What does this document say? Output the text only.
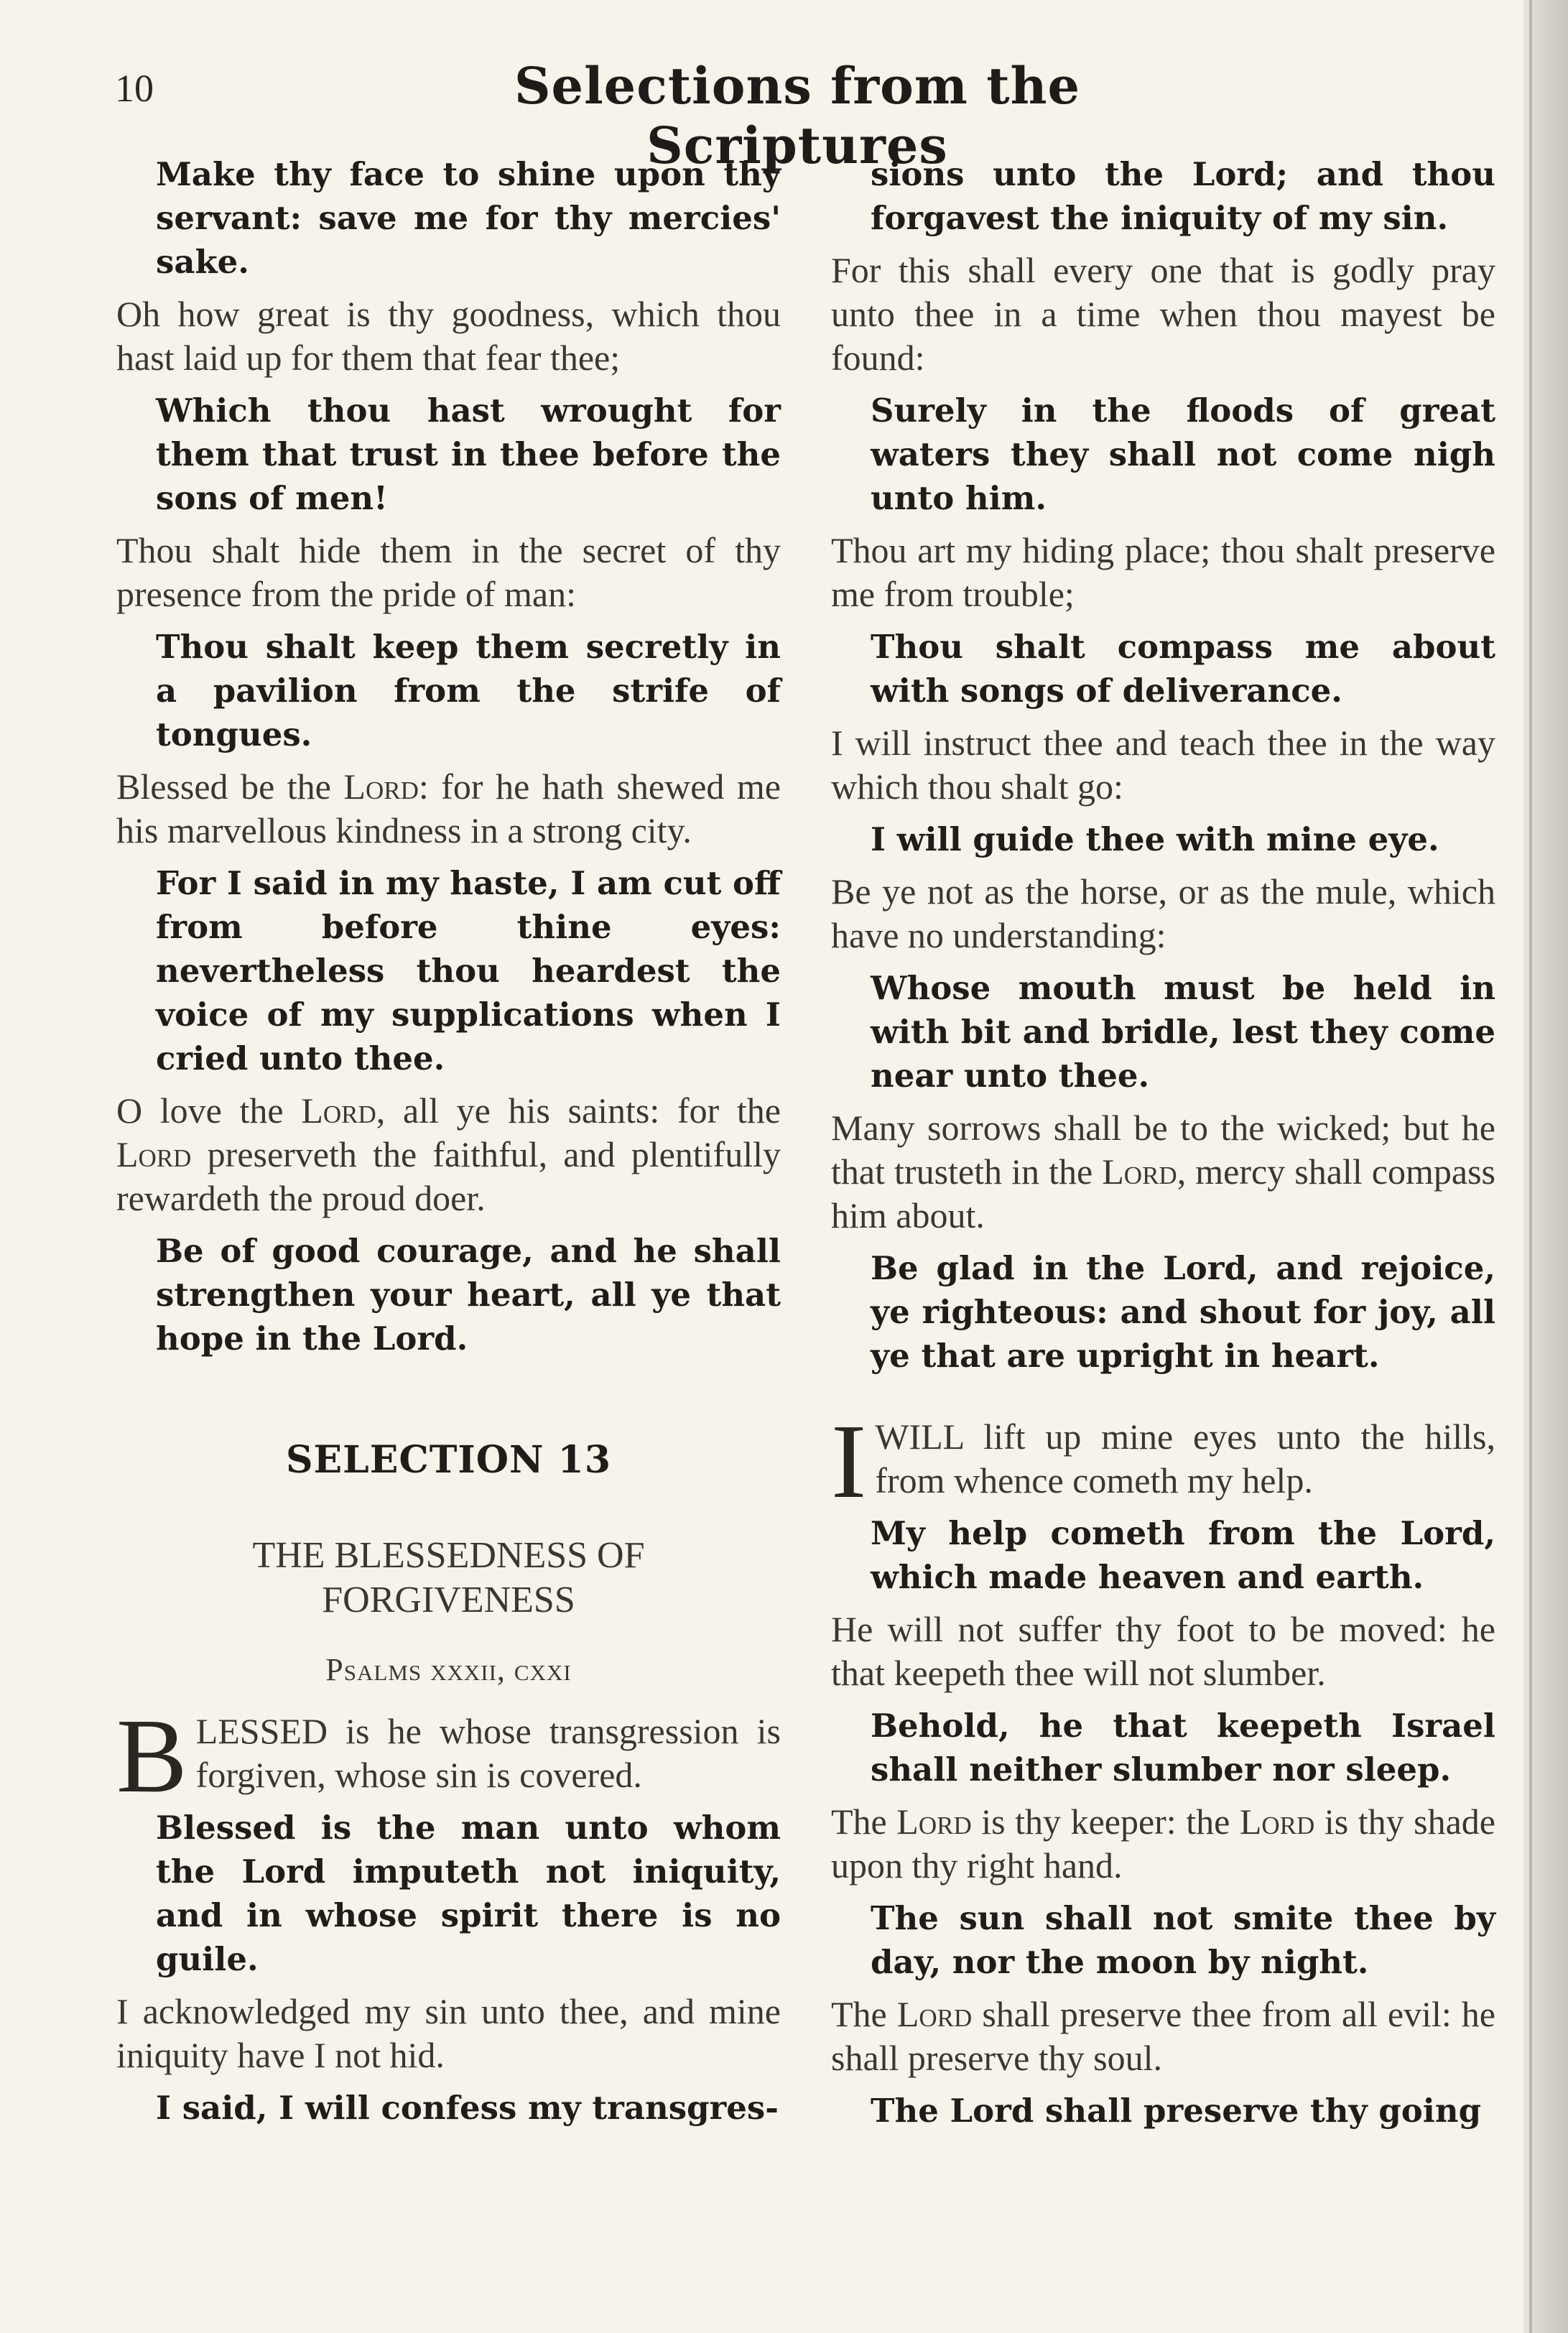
10	Selections from the Scriptures

Make thy face to shine upon thy servant: save me for thy mercies' sake.

Oh how great is thy goodness, which thou hast laid up for them that fear thee;

Which thou hast wrought for them that trust in thee before the sons of men!

Thou shalt hide them in the secret of thy presence from the pride of man:

Thou shalt keep them secretly in a pavilion from the strife of tongues.

Blessed be the Lord: for he hath shewed me his marvellous kindness in a strong city.

For I said in my haste, I am cut off from before thine eyes: nevertheless thou heardest the voice of my supplications when I cried unto thee.

O love the Lord, all ye his saints: for the Lord preserveth the faithful, and plentifully rewardeth the proud doer.

Be of good courage, and he shall strengthen your heart, all ye that hope in the Lord.

SELECTION 13
THE BLESSEDNESS OF
FORGIVENESS
Psalms xxxii, cxxi

BLESSED is he whose transgression is forgiven, whose sin is covered.

Blessed is the man unto whom the Lord imputeth not iniquity, and in whose spirit there is no guile.

I acknowledged my sin unto thee, and mine iniquity have I not hid.

I said, I will confess my transgres-

sions unto the Lord; and thou forgavest the iniquity of my sin.

For this shall every one that is godly pray unto thee in a time when thou mayest be found:

Surely in the floods of great waters they shall not come nigh unto him.

Thou art my hiding place; thou shalt preserve me from trouble;

Thou shalt compass me about with songs of deliverance.

I will instruct thee and teach thee in the way which thou shalt go:

I will guide thee with mine eye.

Be ye not as the horse, or as the mule, which have no understanding:

Whose mouth must be held in with bit and bridle, lest they come near unto thee.

Many sorrows shall be to the wicked; but he that trusteth in the Lord, mercy shall compass him about.

Be glad in the Lord, and rejoice, ye righteous: and shout for joy, all ye that are upright in heart.

IWILL lift up mine eyes unto the hills, from whence cometh my help.

My help cometh from the Lord, which made heaven and earth.

He will not suffer thy foot to be moved: he that keepeth thee will not slumber.

Behold, he that keepeth Israel shall neither slumber nor sleep.

The Lord is thy keeper: the Lord is thy shade upon thy right hand.

The sun shall not smite thee by day, nor the moon by night.

The Lord shall preserve thee from all evil: he shall preserve thy soul.

The Lord shall preserve thy going
